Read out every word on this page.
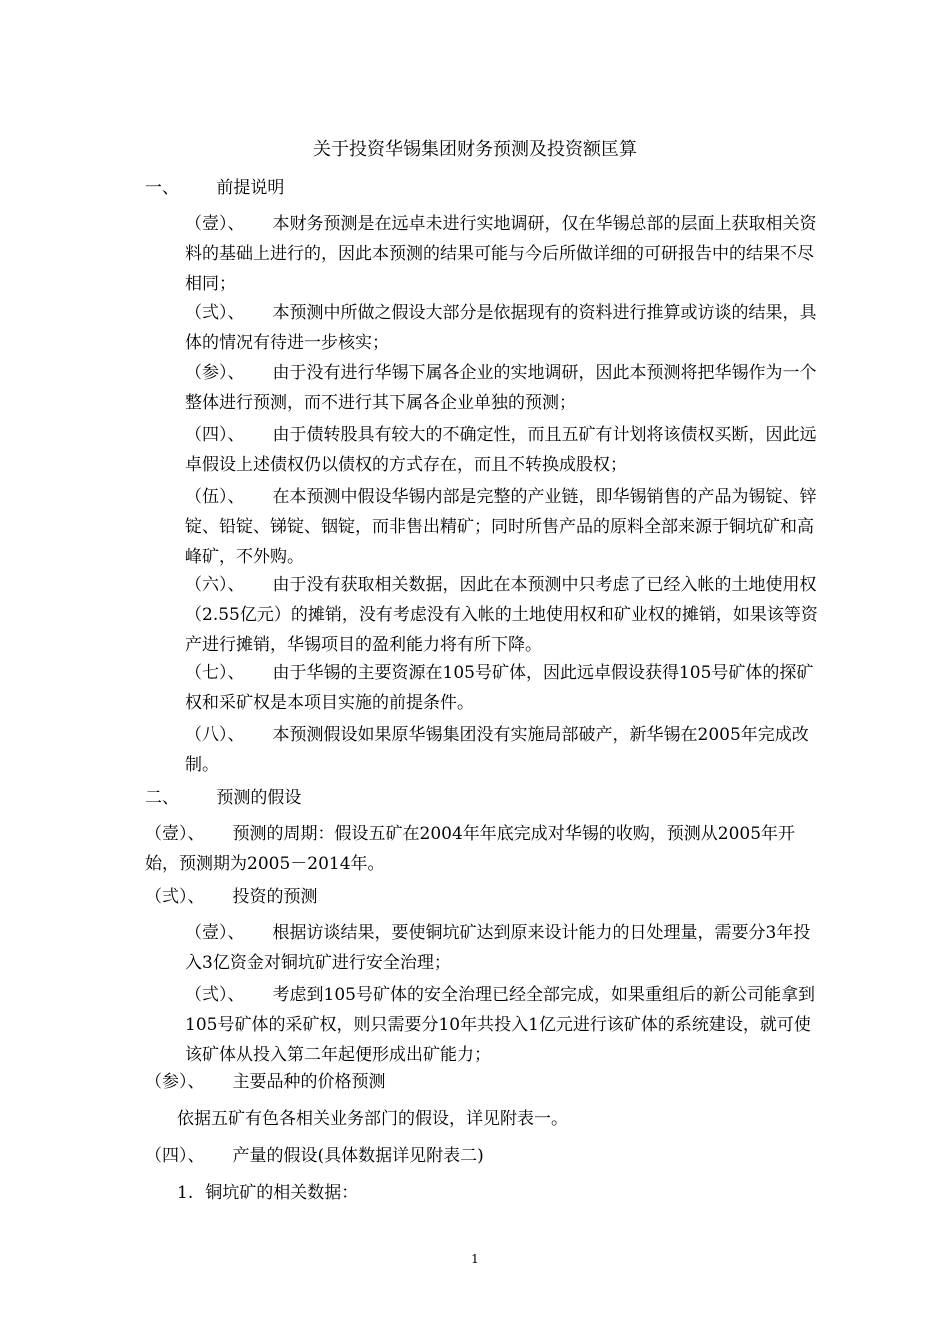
关于投资华锡集团财务预测及投资额匡算
一、 前提说明
（壹）、 本财务预测是在远卓未进行实地调研，仅在华锡总部的层面上获取相关资料的基础上进行的，因此本预测的结果可能与今后所做详细的可研报告中的结果不尽相同；
（弍）、 本预测中所做之假设大部分是依据现有的资料进行推算或访谈的结果，具体的情况有待进一步核实；
（参）、 由于没有进行华锡下属各企业的实地调研，因此本预测将把华锡作为一个整体进行预测，而不进行其下属各企业单独的预测；
（四）、 由于债转股具有较大的不确定性，而且五矿有计划将该债权买断，因此远卓假设上述债权仍以债权的方式存在，而且不转换成股权；
（伍）、 在本预测中假设华锡内部是完整的产业链，即华锡销售的产品为锡锭、锌锭、铅锭、锑锭、铟锭，而非售出精矿；同时所售产品的原料全部来源于铜坑矿和高峰矿，不外购。
（六）、 由于没有获取相关数据，因此在本预测中只考虑了已经入帐的土地使用权（2.55亿元）的摊销，没有考虑没有入帐的土地使用权和矿业权的摊销，如果该等资产进行摊销，华锡项目的盈利能力将有所下降。
（七）、 由于华锡的主要资源在105号矿体，因此远卓假设获得105号矿体的探矿权和采矿权是本项目实施的前提条件。
（八）、 本预测假设如果原华锡集团没有实施局部破产，新华锡在2005年完成改制。
二、 预测的假设
（壹）、 预测的周期：假设五矿在2004年年底完成对华锡的收购，预测从2005年开始，预测期为2005－2014年。
（弍）、 投资的预测
（壹）、 根据访谈结果，要使铜坑矿达到原来设计能力的日处理量，需要分3年投入3亿资金对铜坑矿进行安全治理；
（弍）、 考虑到105号矿体的安全治理已经全部完成，如果重组后的新公司能拿到105号矿体的采矿权，则只需要分10年共投入1亿元进行该矿体的系统建设，就可使该矿体从投入第二年起便形成出矿能力；
（参）、 主要品种的价格预测
依据五矿有色各相关业务部门的假设，详见附表一。
（四）、 产量的假设(具体数据详见附表二)
1. 铜坑矿的相关数据：
1
